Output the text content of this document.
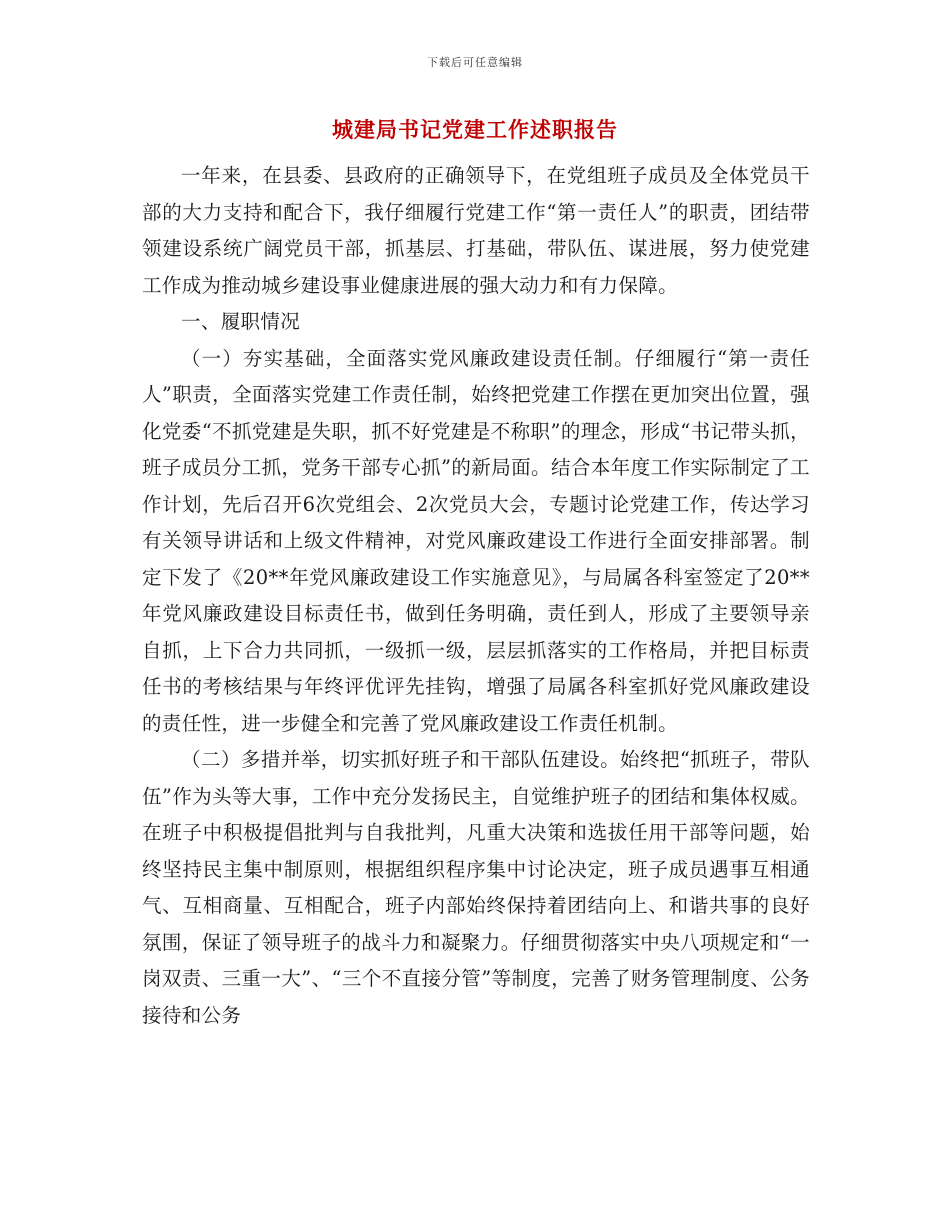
下载后可任意编辑
城建局书记党建工作述职报告

一年来，在县委、县政府的正确领导下，在党组班子成员及全体党员干部的大力支持和配合下，我仔细履行党建工作“第一责任人”的职责，团结带领建设系统广阔党员干部，抓基层、打基础，带队伍、谋进展，努力使党建工作成为推动城乡建设事业健康进展的强大动力和有力保障。

一、履职情况

（一）夯实基础，全面落实党风廉政建设责任制。仔细履行“第一责任人”职责，全面落实党建工作责任制，始终把党建工作摆在更加突出位置，强化党委“不抓党建是失职，抓不好党建是不称职”的理念，形成“书记带头抓，班子成员分工抓，党务干部专心抓”的新局面。结合本年度工作实际制定了工作计划，先后召开6次党组会、2次党员大会，专题讨论党建工作，传达学习有关领导讲话和上级文件精神，对党风廉政建设工作进行全面安排部署。制定下发了《20**年党风廉政建设工作实施意见》，与局属各科室签定了20**年党风廉政建设目标责任书，做到任务明确，责任到人，形成了主要领导亲自抓，上下合力共同抓，一级抓一级，层层抓落实的工作格局，并把目标责任书的考核结果与年终评优评先挂钩，增强了局属各科室抓好党风廉政建设的责任性，进一步健全和完善了党风廉政建设工作责任机制。

（二）多措并举，切实抓好班子和干部队伍建设。始终把“抓班子，带队伍”作为头等大事，工作中充分发扬民主，自觉维护班子的团结和集体权威。在班子中积极提倡批判与自我批判，凡重大决策和选拔任用干部等问题，始终坚持民主集中制原则，根据组织程序集中讨论决定，班子成员遇事互相通气、互相商量、互相配合，班子内部始终保持着团结向上、和谐共事的良好氛围，保证了领导班子的战斗力和凝聚力。仔细贯彻落实中央八项规定和“一岗双责、三重一大”、“三个不直接分管”等制度，完善了财务管理制度、公务接待和公务
